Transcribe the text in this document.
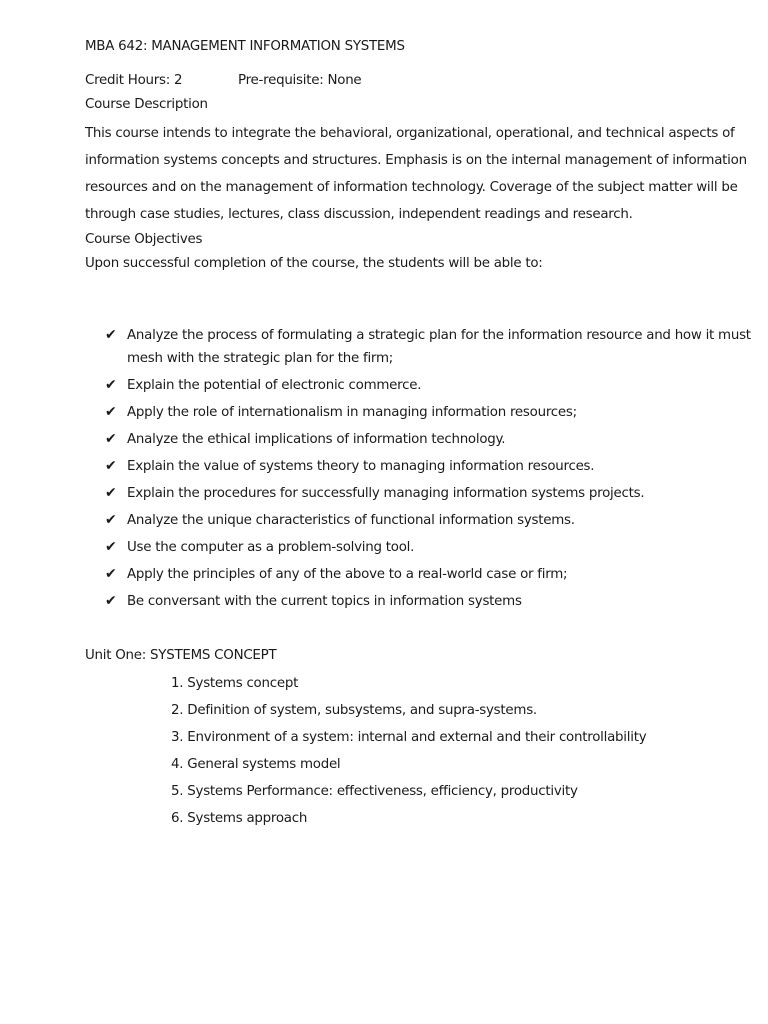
MBA 642: MANAGEMENT INFORMATION SYSTEMS
Credit Hours: 2	Pre-requisite: None
Course Description
This course intends to integrate the behavioral, organizational, operational, and technical aspects of
information systems concepts and structures. Emphasis is on the internal management of information
resources and on the management of information technology. Coverage of the subject matter will be
through case studies, lectures, class discussion, independent readings and research.
Course Objectives
Upon successful completion of the course, the students will be able to:
✔ Analyze the process of formulating a strategic plan for the information resource and how it must mesh with the strategic plan for the firm;
✔ Explain the potential of electronic commerce.
✔ Apply the role of internationalism in managing information resources;
✔ Analyze the ethical implications of information technology.
✔ Explain the value of systems theory to managing information resources.
✔ Explain the procedures for successfully managing information systems projects.
✔ Analyze the unique characteristics of functional information systems.
✔ Use the computer as a problem-solving tool.
✔ Apply the principles of any of the above to a real-world case or firm;
✔ Be conversant with the current topics in information systems
Unit One: SYSTEMS CONCEPT
1. Systems concept
2. Definition of system, subsystems, and supra-systems.
3. Environment of a system: internal and external and their controllability
4. General systems model
5. Systems Performance: effectiveness, efficiency, productivity
6. Systems approach
